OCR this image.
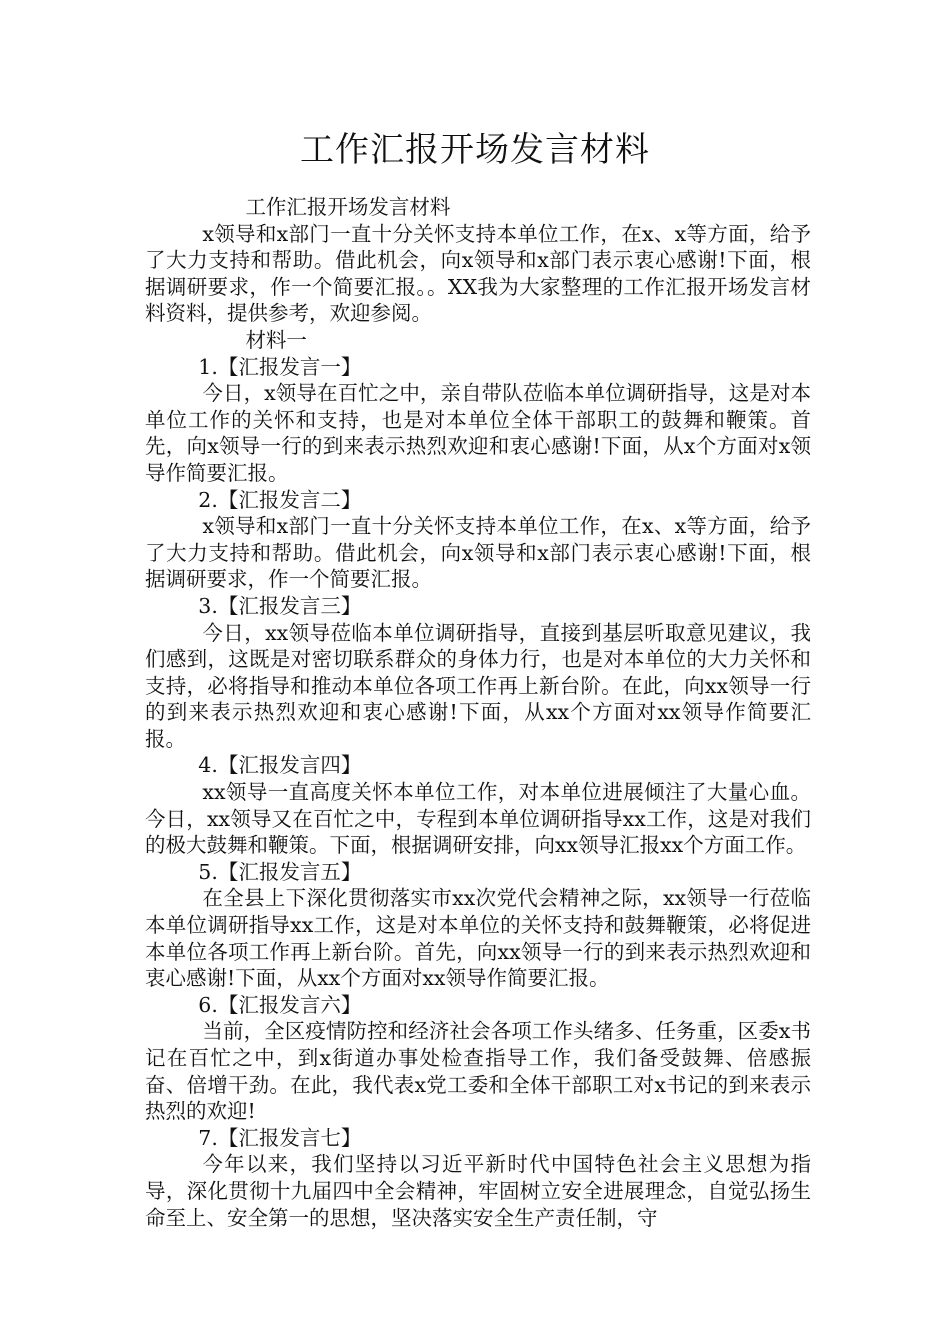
工作汇报开场发言材料

工作汇报开场发言材料

x领导和x部门一直十分关怀支持本单位工作，在x、x等方面，给予了大力支持和帮助。借此机会，向x领导和x部门表示衷心感谢!下面，根据调研要求，作一个简要汇报。。XX我为大家整理的工作汇报开场发言材料资料，提供参考，欢迎参阅。

材料一

1.【汇报发言一】

今日，x领导在百忙之中，亲自带队莅临本单位调研指导，这是对本单位工作的关怀和支持，也是对本单位全体干部职工的鼓舞和鞭策。首先，向x领导一行的到来表示热烈欢迎和衷心感谢!下面，从x个方面对x领导作简要汇报。

2.【汇报发言二】

x领导和x部门一直十分关怀支持本单位工作，在x、x等方面，给予了大力支持和帮助。借此机会，向x领导和x部门表示衷心感谢!下面，根据调研要求，作一个简要汇报。

3.【汇报发言三】

今日，xx领导莅临本单位调研指导，直接到基层听取意见建议，我们感到，这既是对密切联系群众的身体力行，也是对本单位的大力关怀和支持，必将指导和推动本单位各项工作再上新台阶。在此，向xx领导一行的到来表示热烈欢迎和衷心感谢!下面，从xx个方面对xx领导作简要汇报。

4.【汇报发言四】

xx领导一直高度关怀本单位工作，对本单位进展倾注了大量心血。今日，xx领导又在百忙之中，专程到本单位调研指导xx工作，这是对我们的极大鼓舞和鞭策。下面，根据调研安排，向xx领导汇报xx个方面工作。

5.【汇报发言五】

在全县上下深化贯彻落实市xx次党代会精神之际，xx领导一行莅临本单位调研指导xx工作，这是对本单位的关怀支持和鼓舞鞭策，必将促进本单位各项工作再上新台阶。首先，向xx领导一行的到来表示热烈欢迎和衷心感谢!下面，从xx个方面对xx领导作简要汇报。

6.【汇报发言六】

当前，全区疫情防控和经济社会各项工作头绪多、任务重，区委x书记在百忙之中，到x街道办事处检查指导工作，我们备受鼓舞、倍感振奋、倍增干劲。在此，我代表x党工委和全体干部职工对x书记的到来表示热烈的欢迎!

7.【汇报发言七】

今年以来，我们坚持以习近平新时代中国特色社会主义思想为指导，深化贯彻十九届四中全会精神，牢固树立安全进展理念，自觉弘扬生命至上、安全第一的思想，坚决落实安全生产责任制，守
